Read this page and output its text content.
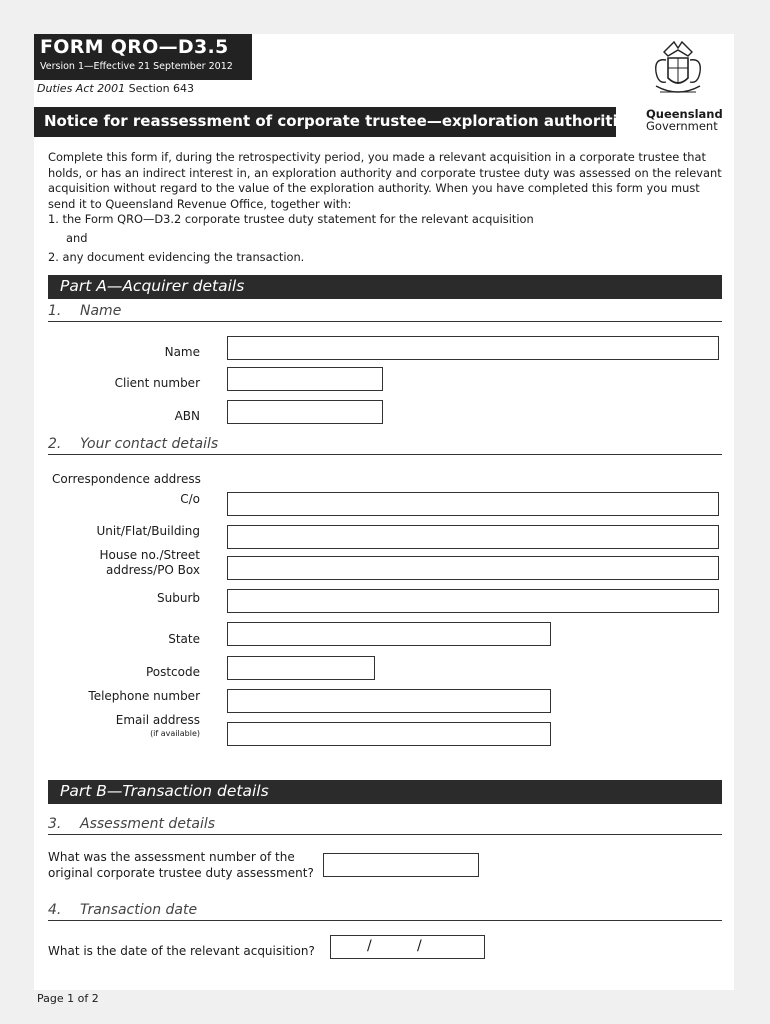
FORM QRO—D3.5
Version 1—Effective 21 September 2012
Duties Act 2001 Section 643
Notice for reassessment of corporate trustee—exploration authorities Queensland
Government

Complete this form if, during the retrospectivity period, you made a relevant acquisition in a corporate trustee that holds, or has an indirect interest in, an exploration authority and corporate trustee duty was assessed on the relevant acquisition without regard to the value of the exploration authority. When you have completed this form you must send it to Queensland Revenue Office, together with:

1. the Form QRO—D3.2 corporate trustee duty statement for the relevant acquisition

and

2. any document evidencing the transaction.

Part A—Acquirer details
1. Name
Name
Client number
ABN
2. Your contact details
Correspondence address
C/o
Unit/Flat/Building
House no./Street
address/PO Box
Suburb
State
Postcode
Telephone number
Email address
(if available)
Part B—Transaction details
3. Assessment details
What was the assessment number of the
original corporate trustee duty assessment?
4. Transaction date
What is the date of the relevant acquisition?	/	/
Page 1 of 2
